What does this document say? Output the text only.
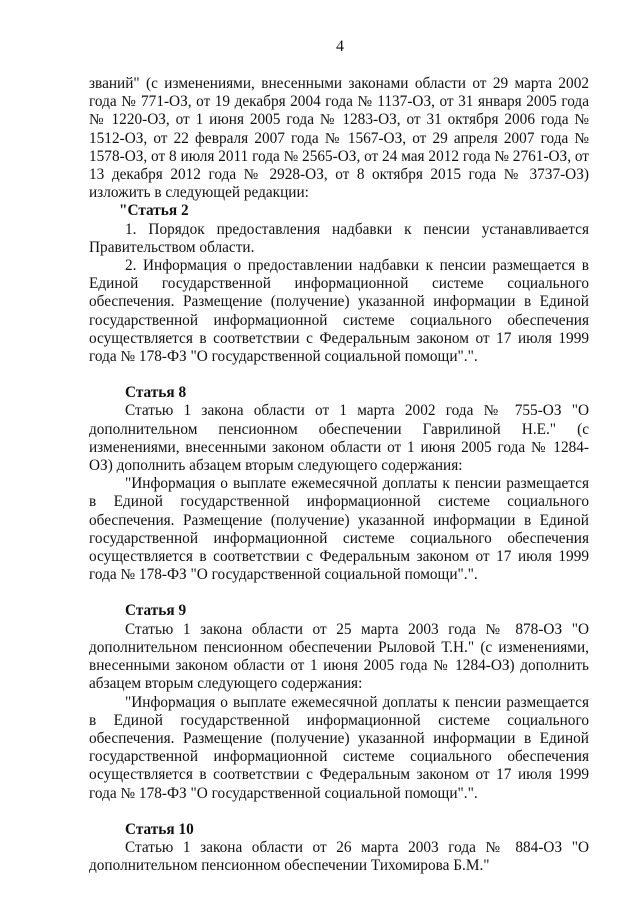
4

званий" (с изменениями, внесенными законами области от 29 марта 2002 года № 771-ОЗ, от 19 декабря 2004 года № 1137-ОЗ, от 31 января 2005 года № 1220-ОЗ, от 1 июня 2005 года № 1283-ОЗ, от 31 октября 2006 года № 1512-ОЗ, от 22 февраля 2007 года № 1567-ОЗ, от 29 апреля 2007 года № 1578-ОЗ, от 8 июля 2011 года № 2565-ОЗ, от 24 мая 2012 года № 2761-ОЗ, от 13 декабря 2012 года № 2928-ОЗ, от 8 октября 2015 года № 3737-ОЗ) изложить в следующей редакции:

"Статья 2

1. Порядок предоставления надбавки к пенсии устанавливается Правительством области.

2. Информация о предоставлении надбавки к пенсии размещается в Единой государственной информационной системе социального обеспечения. Размещение (получение) указанной информации в Единой государственной информационной системе социального обеспечения осуществляется в соответствии с Федеральным законом от 17 июля 1999 года № 178-ФЗ "О государственной социальной помощи".".

Статья 8

Статью 1 закона области от 1 марта 2002 года № 755-ОЗ "О дополнительном пенсионном обеспечении Гаврилиной Н.Е." (с изменениями, внесенными законом области от 1 июня 2005 года № 1284-ОЗ) дополнить абзацем вторым следующего содержания:

"Информация о выплате ежемесячной доплаты к пенсии размещается в Единой государственной информационной системе социального обеспечения. Размещение (получение) указанной информации в Единой государственной информационной системе социального обеспечения осуществляется в соответствии с Федеральным законом от 17 июля 1999 года № 178-ФЗ "О государственной социальной помощи".".

Статья 9

Статью 1 закона области от 25 марта 2003 года № 878-ОЗ "О дополнительном пенсионном обеспечении Рыловой Т.Н." (с изменениями, внесенными законом области от 1 июня 2005 года № 1284-ОЗ) дополнить абзацем вторым следующего содержания:

"Информация о выплате ежемесячной доплаты к пенсии размещается в Единой государственной информационной системе социального обеспечения. Размещение (получение) указанной информации в Единой государственной информационной системе социального обеспечения осуществляется в соответствии с Федеральным законом от 17 июля 1999 года № 178-ФЗ "О государственной социальной помощи".".

Статья 10

Статью 1 закона области от 26 марта 2003 года № 884-ОЗ "О дополнительном пенсионном обеспечении Тихомирова Б.М."
